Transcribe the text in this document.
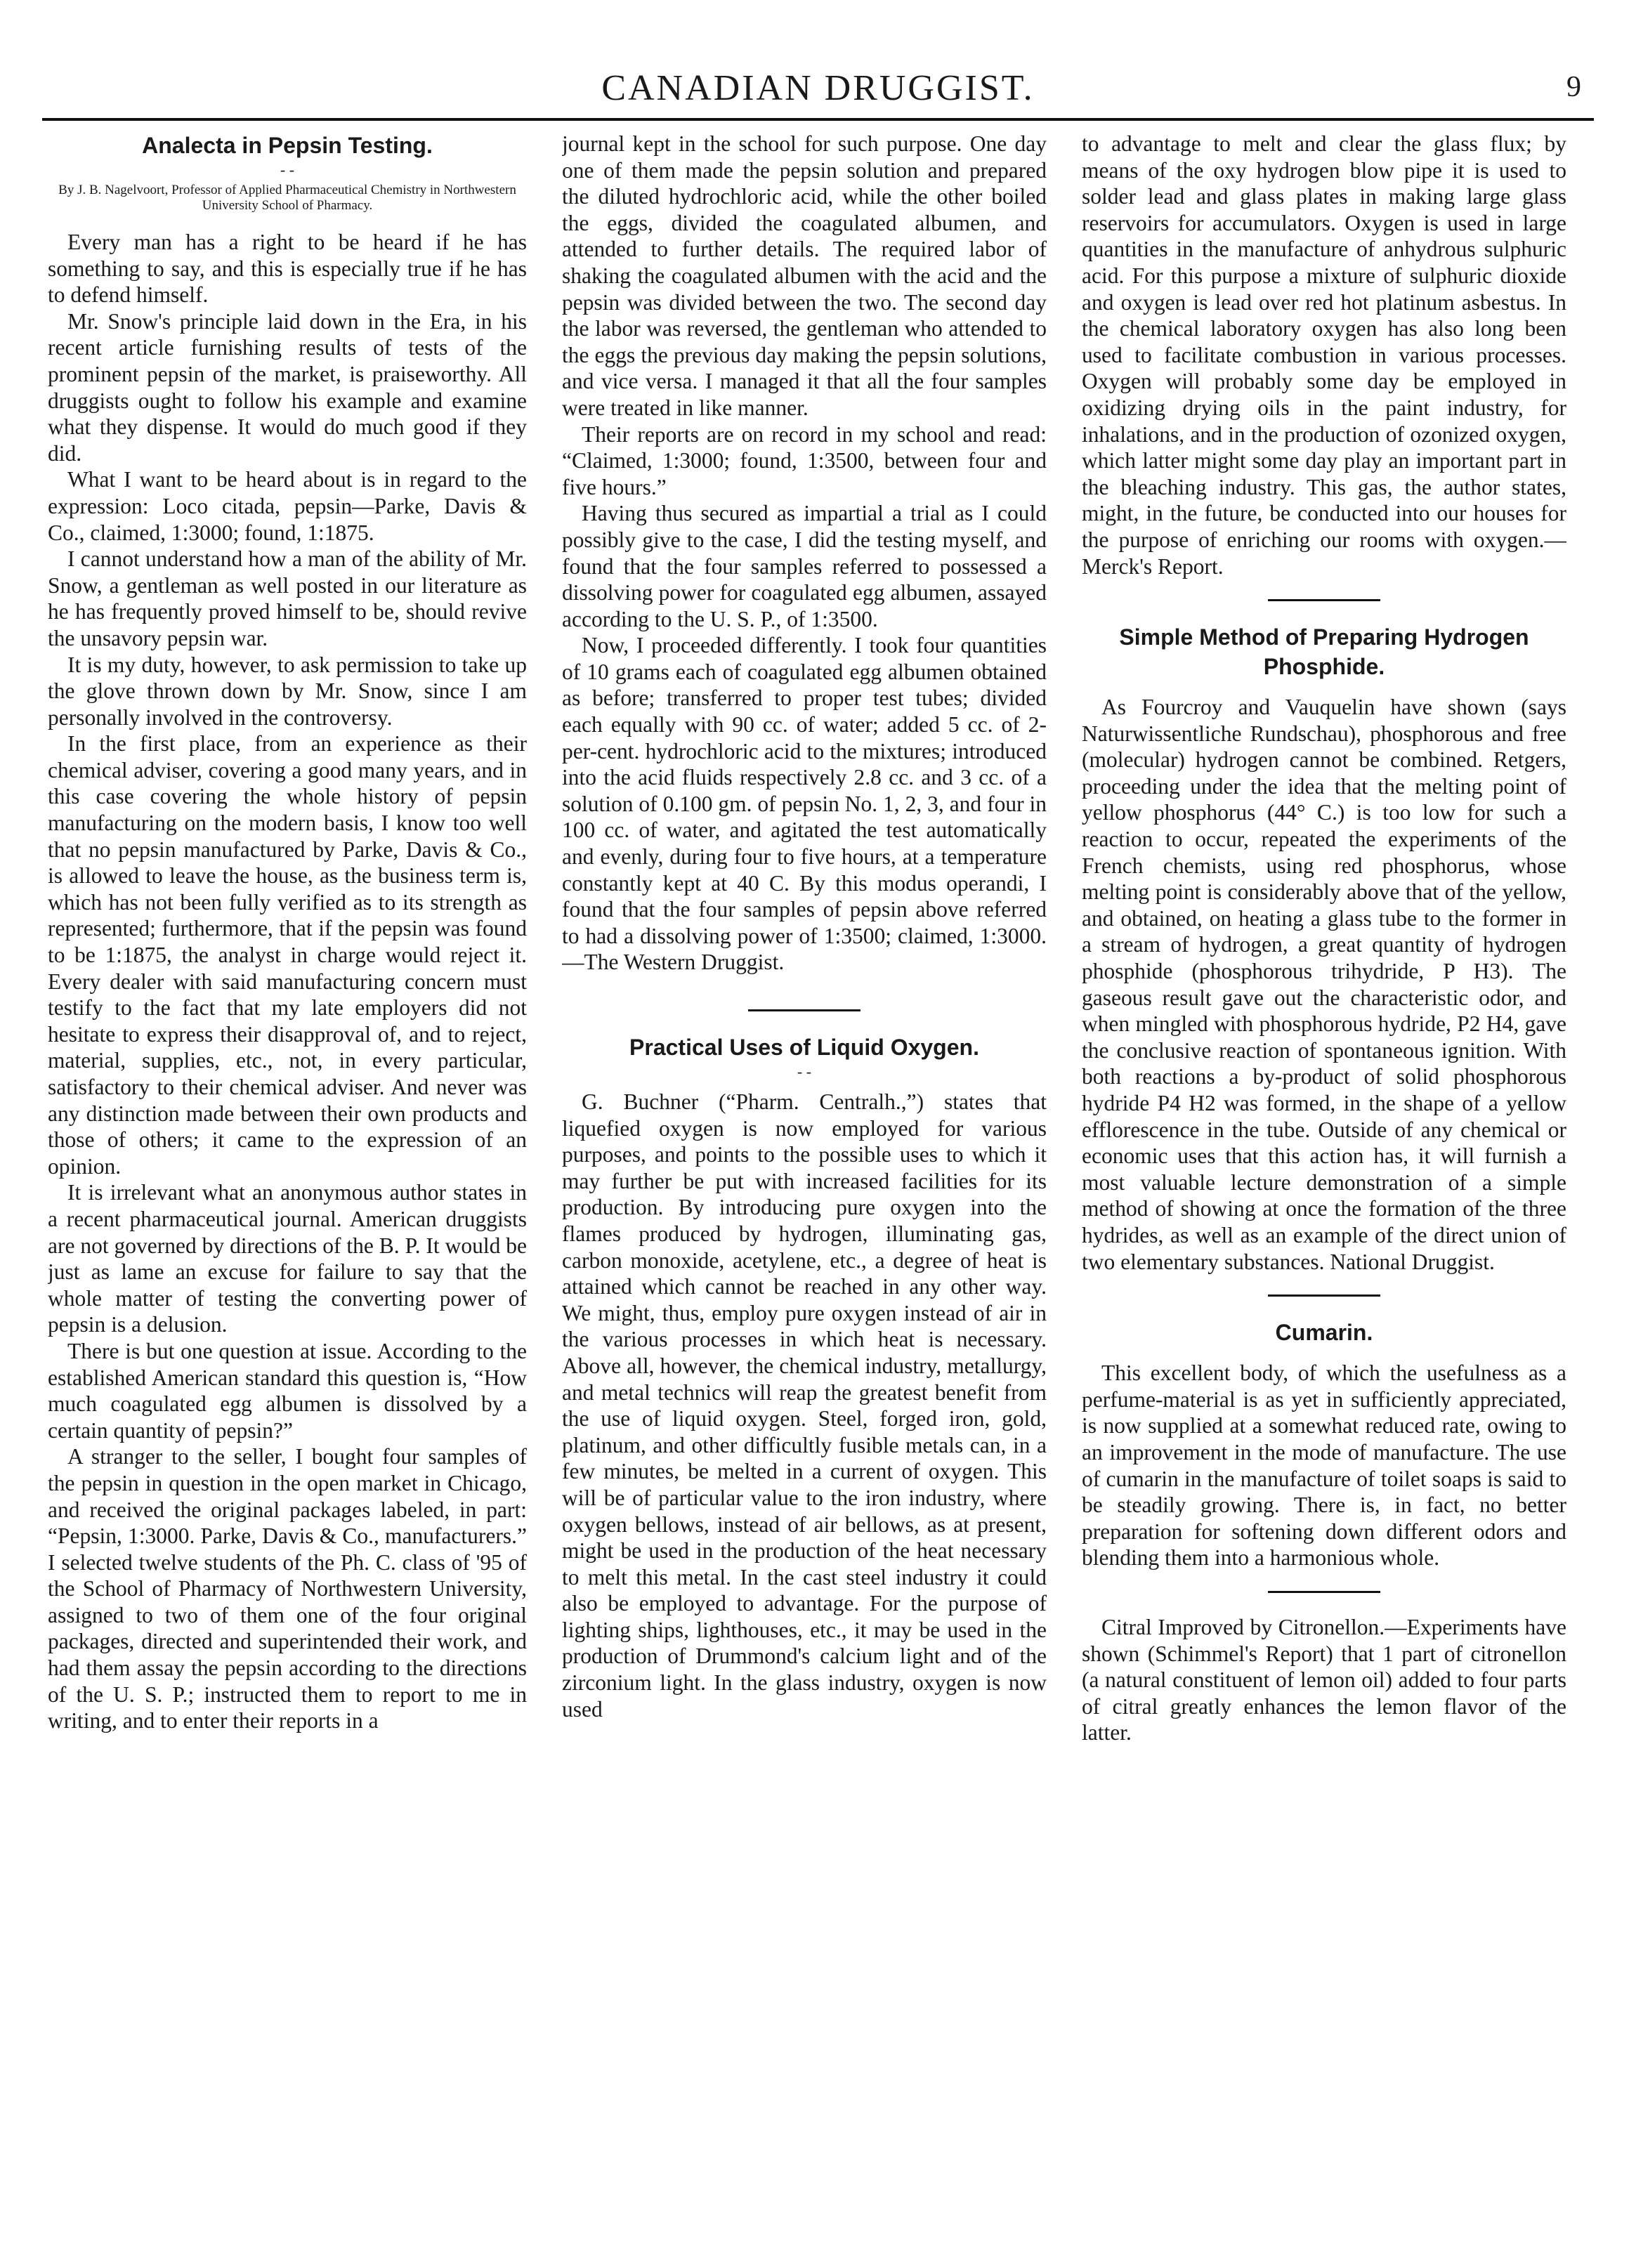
CANADIAN DRUGGIST.	9
Analecta in Pepsin Testing.
- -
By J. B. Nagelvoort, Professor of Applied Pharmaceutical Chemistry in Northwestern University School of Pharmacy.

Every man has a right to be heard if he has something to say, and this is especially true if he has to defend himself.

Mr. Snow's principle laid down in the Era, in his recent article furnishing results of tests of the prominent pepsin of the market, is praiseworthy. All druggists ought to follow his example and examine what they dispense. It would do much good if they did.

What I want to be heard about is in regard to the expression: Loco citada, pepsin—Parke, Davis & Co., claimed, 1:3000; found, 1:1875.

I cannot understand how a man of the ability of Mr. Snow, a gentleman as well posted in our literature as he has frequently proved himself to be, should revive the unsavory pepsin war.

It is my duty, however, to ask permission to take up the glove thrown down by Mr. Snow, since I am personally involved in the controversy.

In the first place, from an experience as their chemical adviser, covering a good many years, and in this case covering the whole history of pepsin manufacturing on the modern basis, I know too well that no pepsin manufactured by Parke, Davis & Co., is allowed to leave the house, as the business term is, which has not been fully verified as to its strength as represented; furthermore, that if the pepsin was found to be 1:1875, the analyst in charge would reject it. Every dealer with said manufacturing concern must testify to the fact that my late employers did not hesitate to express their disapproval of, and to reject, material, supplies, etc., not, in every particular, satisfactory to their chemical adviser. And never was any distinction made between their own products and those of others; it came to the expression of an opinion.

It is irrelevant what an anonymous author states in a recent pharmaceutical journal. American druggists are not governed by directions of the B. P. It would be just as lame an excuse for failure to say that the whole matter of testing the converting power of pepsin is a delusion.

There is but one question at issue. According to the established American standard this question is, “How much coagulated egg albumen is dissolved by a certain quantity of pepsin?”

A stranger to the seller, I bought four samples of the pepsin in question in the open market in Chicago, and received the original packages labeled, in part: “Pepsin, 1:3000. Parke, Davis & Co., manufacturers.” I selected twelve students of the Ph. C. class of '95 of the School of Pharmacy of Northwestern University, assigned to two of them one of the four original packages, directed and superintended their work, and had them assay the pepsin according to the directions of the U. S. P.; instructed them to report to me in writing, and to enter their reports in a

journal kept in the school for such purpose. One day one of them made the pepsin solution and prepared the diluted hydrochloric acid, while the other boiled the eggs, divided the coagulated albumen, and attended to further details. The required labor of shaking the coagulated albumen with the acid and the pepsin was divided between the two. The second day the labor was reversed, the gentleman who attended to the eggs the previous day making the pepsin solutions, and vice versa. I managed it that all the four samples were treated in like manner.

Their reports are on record in my school and read: “Claimed, 1:3000; found, 1:3500, between four and five hours.”

Having thus secured as impartial a trial as I could possibly give to the case, I did the testing myself, and found that the four samples referred to possessed a dissolving power for coagulated egg albumen, assayed according to the U. S. P., of 1:3500.

Now, I proceeded differently. I took four quantities of 10 grams each of coagulated egg albumen obtained as before; transferred to proper test tubes; divided each equally with 90 cc. of water; added 5 cc. of 2-per-cent. hydrochloric acid to the mixtures; introduced into the acid fluids respectively 2.8 cc. and 3 cc. of a solution of 0.100 gm. of pepsin No. 1, 2, 3, and four in 100 cc. of water, and agitated the test automatically and evenly, during four to five hours, at a temperature constantly kept at 40 C. By this modus operandi, I found that the four samples of pepsin above referred to had a dissolving power of 1:3500; claimed, 1:3000.—The Western Druggist.

Practical Uses of Liquid Oxygen.
- -

G. Buchner (“Pharm. Centralh.,”) states that liquefied oxygen is now employed for various purposes, and points to the possible uses to which it may further be put with increased facilities for its production. By introducing pure oxygen into the flames produced by hydrogen, illuminating gas, carbon monoxide, acetylene, etc., a degree of heat is attained which cannot be reached in any other way. We might, thus, employ pure oxygen instead of air in the various processes in which heat is necessary. Above all, however, the chemical industry, metallurgy, and metal technics will reap the greatest benefit from the use of liquid oxygen. Steel, forged iron, gold, platinum, and other difficultly fusible metals can, in a few minutes, be melted in a current of oxygen. This will be of particular value to the iron industry, where oxygen bellows, instead of air bellows, as at present, might be used in the production of the heat necessary to melt this metal. In the cast steel industry it could also be employed to advantage. For the purpose of lighting ships, lighthouses, etc., it may be used in the production of Drummond's calcium light and of the zirconium light. In the glass industry, oxygen is now used

to advantage to melt and clear the glass flux; by means of the oxy hydrogen blow pipe it is used to solder lead and glass plates in making large glass reservoirs for accumulators. Oxygen is used in large quantities in the manufacture of anhydrous sulphuric acid. For this purpose a mixture of sulphuric dioxide and oxygen is lead over red hot platinum asbestus. In the chemical laboratory oxygen has also long been used to facilitate combustion in various processes. Oxygen will probably some day be employed in oxidizing drying oils in the paint industry, for inhalations, and in the production of ozonized oxygen, which latter might some day play an important part in the bleaching industry. This gas, the author states, might, in the future, be conducted into our houses for the purpose of enriching our rooms with oxygen.—Merck's Report.

Simple Method of Preparing Hydrogen Phosphide.

As Fourcroy and Vauquelin have shown (says Naturwissentliche Rundschau), phosphorous and free (molecular) hydrogen cannot be combined. Retgers, proceeding under the idea that the melting point of yellow phosphorus (44° C.) is too low for such a reaction to occur, repeated the experiments of the French chemists, using red phosphorus, whose melting point is considerably above that of the yellow, and obtained, on heating a glass tube to the former in a stream of hydrogen, a great quantity of hydrogen phosphide (phosphorous trihydride, P H3). The gaseous result gave out the characteristic odor, and when mingled with phosphorous hydride, P2 H4, gave the conclusive reaction of spontaneous ignition. With both reactions a by-product of solid phosphorous hydride P4 H2 was formed, in the shape of a yellow efflorescence in the tube. Outside of any chemical or economic uses that this action has, it will furnish a most valuable lecture demonstration of a simple method of showing at once the formation of the three hydrides, as well as an example of the direct union of two elementary substances. National Druggist.

Cumarin.

This excellent body, of which the usefulness as a perfume-material is as yet in sufficiently appreciated, is now supplied at a somewhat reduced rate, owing to an improvement in the mode of manufacture. The use of cumarin in the manufacture of toilet soaps is said to be steadily growing. There is, in fact, no better preparation for softening down different odors and blending them into a harmonious whole.

Citral Improved by Citronellon.—Experiments have shown (Schimmel's Report) that 1 part of citronellon (a natural constituent of lemon oil) added to four parts of citral greatly enhances the lemon flavor of the latter.
